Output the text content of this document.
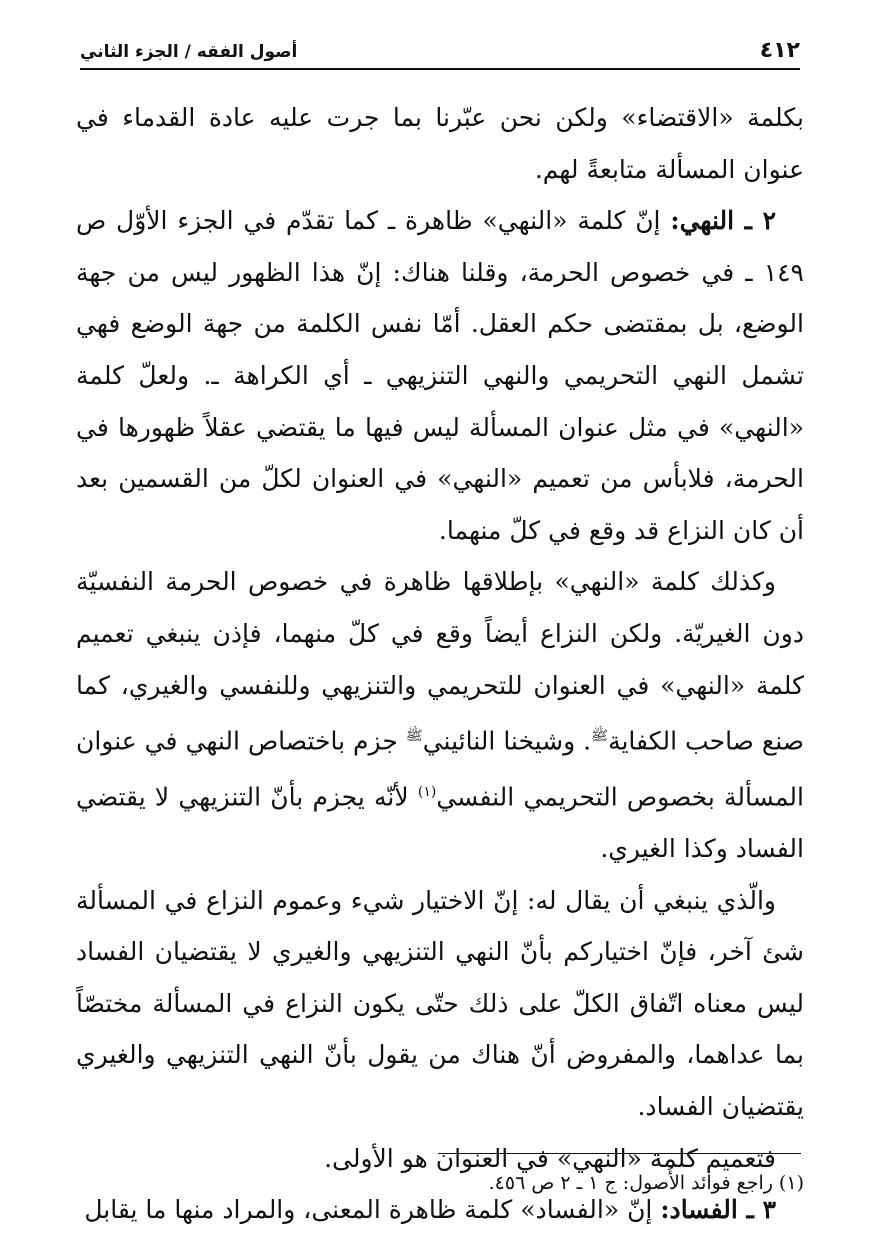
٤١٢
أصول الفقه / الجزء الثاني

بكلمة «الاقتضاء» ولكن نحن عبّرنا بما جرت عليه عادة القدماء في عنوان المسألة متابعةً لهم.

٢ ـ النهي: إنّ كلمة «النهي» ظاهرة ـ كما تقدّم في الجزء الأوّل ص ١٤٩ ـ في خصوص الحرمة، وقلنا هناك: إنّ هذا الظهور ليس من جهة الوضع، بل بمقتضى حكم العقل. أمّا نفس الكلمة من جهة الوضع فهي تشمل النهي التحريمي والنهي التنزيهي ـ أي الكراهة ـ. ولعلّ كلمة «النهي» في مثل عنوان المسألة ليس فيها ما يقتضي عقلاً ظهورها في الحرمة، فلابأس من تعميم «النهي» في العنوان لكلّ من القسمين بعد أن كان النزاع قد وقع في كلّ منهما.

وكذلك كلمة «النهي» بإطلاقها ظاهرة في خصوص الحرمة النفسيّة دون الغيريّة. ولكن النزاع أيضاً وقع في كلّ منهما، فإذن ينبغي تعميم كلمة «النهي» في العنوان للتحريمي والتنزيهي وللنفسي والغيري، كما صنع صاحب الكفاية$^ﷺ$. وشيخنا النائيني$^ﷺ$ جزم باختصاص النهي في عنوان المسألة بخصوص التحريمي النفسي$^{(١)}$ لأنّه يجزم بأنّ التنزيهي لا يقتضي الفساد وكذا الغيري.

والّذي ينبغي أن يقال له: إنّ الاختيار شيء وعموم النزاع في المسألة شئ آخر، فإنّ اختياركم بأنّ النهي التنزيهي والغيري لا يقتضيان الفساد ليس معناه اتّفاق الكلّ على ذلك حتّى يكون النزاع في المسألة مختصّاً بما عداهما، والمفروض أنّ هناك من يقول بأنّ النهي التنزيهي والغيري يقتضيان الفساد.

فتعميم كلمة «النهي» في العنوان هو الأولى.

٣ ـ الفساد: إنّ «الفساد» كلمة ظاهرة المعنى، والمراد منها ما يقابل

(١) راجع فوائد الأُصول: ج ١ ـ ٢ ص ٤٥٦.
